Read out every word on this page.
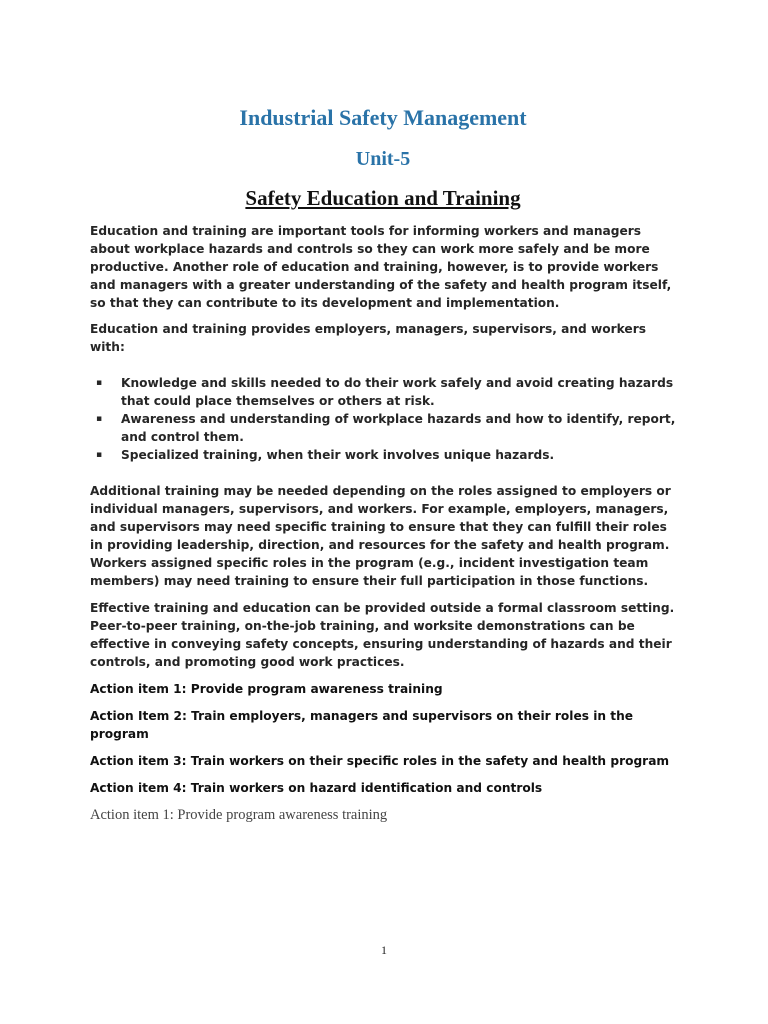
Industrial Safety Management
Unit-5
Safety Education and Training

Education and training are important tools for informing workers and managers about workplace hazards and controls so they can work more safely and be more productive. Another role of education and training, however, is to provide workers and managers with a greater understanding of the safety and health program itself, so that they can contribute to its development and implementation.

Education and training provides employers, managers, supervisors, and workers with:

▪ Knowledge and skills needed to do their work safely and avoid creating hazards that could place themselves or others at risk.
▪ Awareness and understanding of workplace hazards and how to identify, report, and control them.
▪ Specialized training, when their work involves unique hazards.

Additional training may be needed depending on the roles assigned to employers or individual managers, supervisors, and workers. For example, employers, managers, and supervisors may need specific training to ensure that they can fulfill their roles in providing leadership, direction, and resources for the safety and health program. Workers assigned specific roles in the program (e.g., incident investigation team members) may need training to ensure their full participation in those functions.

Effective training and education can be provided outside a formal classroom setting. Peer-to-peer training, on-the-job training, and worksite demonstrations can be effective in conveying safety concepts, ensuring understanding of hazards and their controls, and promoting good work practices.

Action item 1: Provide program awareness training

Action Item 2: Train employers, managers and supervisors on their roles in the program

Action item 3: Train workers on their specific roles in the safety and health program

Action item 4: Train workers on hazard identification and controls

Action item 1: Provide program awareness training

1
